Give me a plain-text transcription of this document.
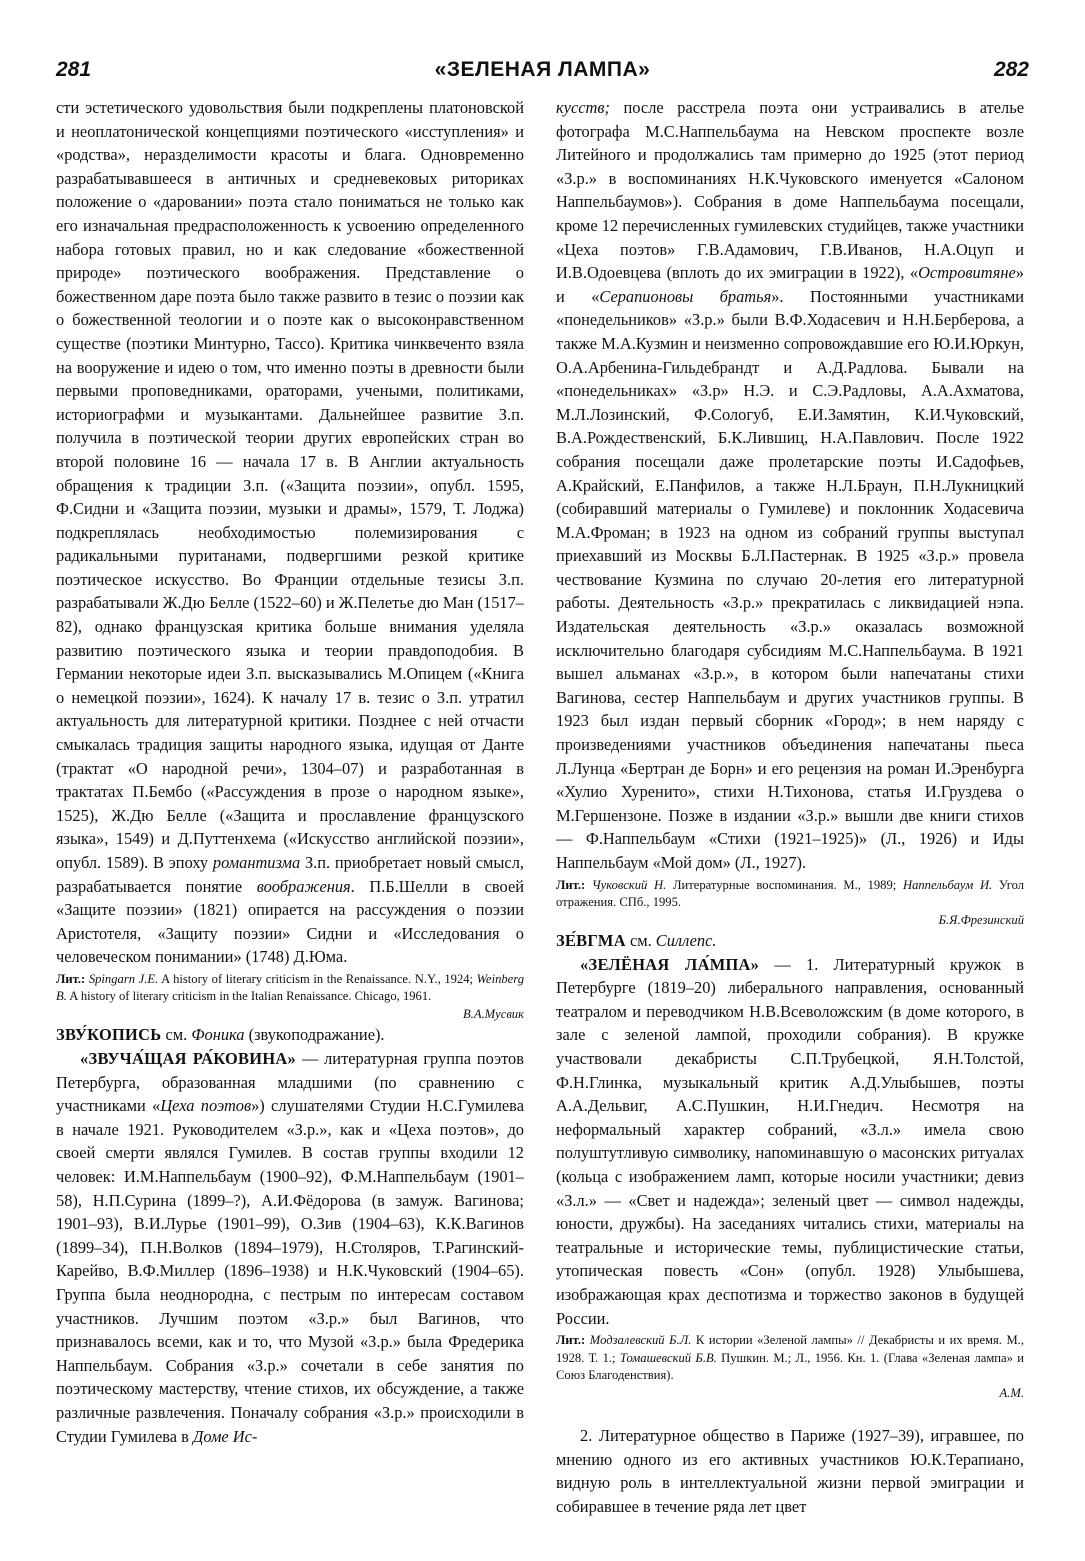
281	«ЗЕЛЕНАЯ ЛАМПА»	282

сти эстетического удовольствия были подкреплены платоновской и неоплатонической концепциями поэтического «исступления» и «родства», неразделимости красоты и блага. Одновременно разрабатывавшееся в античных и средневековых риториках положение о «даровании» поэта стало пониматься не только как его изначальная предрасположенность к усвоению определенного набора готовых правил, но и как следование «божественной природе» поэтического воображения. Представление о божественном даре поэта было также развито в тезис о поэзии как о божественной теологии и о поэте как о высоконравственном существе (поэтики Минтурно, Тассо). Критика чинквеченто взяла на вооружение и идею о том, что именно поэты в древности были первыми проповедниками, ораторами, учеными, политиками, историографми и музыкантами. Дальнейшее развитие З.п. получила в поэтической теории других европейских стран во второй половине 16 — начала 17 в. В Англии актуальность обращения к традиции З.п. («Защита поэзии», опубл. 1595, Ф.Сидни и «Защита поэзии, музыки и драмы», 1579, Т. Лоджа) подкреплялась необходимостью полемизирования с радикальными пуританами, подвергшими резкой критике поэтическое искусство. Во Франции отдельные тезисы З.п. разрабатывали Ж.Дю Белле (1522–60) и Ж.Пелетье дю Ман (1517–82), однако французская критика больше внимания уделяла развитию поэтического языка и теории правдоподобия. В Германии некоторые идеи З.п. высказывались М.Опицем («Книга о немецкой поэзии», 1624). К началу 17 в. тезис о З.п. утратил актуальность для литературной критики. Позднее с ней отчасти смыкалась традиция защиты народного языка, идущая от Данте (трактат «О народной речи», 1304–07) и разработанная в трактатах П.Бембо («Рассуждения в прозе о народном языке», 1525), Ж.Дю Белле («Защита и прославление французского языка», 1549) и Д.Путтенхема («Искусство английской поэзии», опубл. 1589). В эпоху романтизма З.п. приобретает новый смысл, разрабатывается понятие воображения. П.Б.Шелли в своей «Защите поэзии» (1821) опирается на рассуждения о поэзии Аристотеля, «Защиту поэзии» Сидни и «Исследования о человеческом понимании» (1748) Д.Юма.

Лит.: Spingarn J.E. A history of literary criticism in the Renaissance. N.Y., 1924; Weinberg B. A history of literary criticism in the Italian Renaissance. Chicago, 1961.
В.А.Мусвик

ЗВУ́КОПИСЬ см. Фоника (звукоподражание).

«ЗВУЧА́ЩАЯ РА́КОВИНА» — литературная группа поэтов Петербурга, образованная младшими (по сравнению с участниками «Цеха поэтов») слушателями Студии Н.С.Гумилева в начале 1921. Руководителем «З.р.», как и «Цеха поэтов», до своей смерти являлся Гумилев. В состав группы входили 12 человек: И.М.Наппельбаум (1900–92), Ф.М.Наппельбаум (1901–58), Н.П.Сурина (1899–?), А.И.Фёдорова (в замуж. Вагинова; 1901–93), В.И.Лурье (1901–99), О.Зив (1904–63), К.К.Вагинов (1899–34), П.Н.Волков (1894–1979), Н.Столяров, Т.Рагинский-Карейво, В.Ф.Миллер (1896–1938) и Н.К.Чуковский (1904–65). Группа была неоднородна, с пестрым по интересам составом участников. Лучшим поэтом «З.р.» был Вагинов, что признавалось всеми, как и то, что Музой «З.р.» была Фредерика Наппельбаум. Собрания «З.р.» сочетали в себе занятия по поэтическому мастерству, чтение стихов, их обсуждение, а также различные развлечения. Поначалу собрания «З.р.» происходили в Студии Гумилева в Доме Ис-

кусств; после расстрела поэта они устраивались в ателье фотографа М.С.Наппельбаума на Невском проспекте возле Литейного и продолжались там примерно до 1925 (этот период «З.р.» в воспоминаниях Н.К.Чуковского именуется «Салоном Наппельбаумов»). Собрания в доме Наппельбаума посещали, кроме 12 перечисленных гумилевских студийцев, также участники «Цеха поэтов» Г.В.Адамович, Г.В.Иванов, Н.А.Оцуп и И.В.Одоевцева (вплоть до их эмиграции в 1922), «Островитяне» и «Серапионовы братья». Постоянными участниками «понедельников» «З.р.» были В.Ф.Ходасевич и Н.Н.Берберова, а также М.А.Кузмин и неизменно сопровождавшие его Ю.И.Юркун, О.А.Арбенина-Гильдебрандт и А.Д.Радлова. Бывали на «понедельниках» «З.р» Н.Э. и С.Э.Радловы, А.А.Ахматова, М.Л.Лозинский, Ф.Сологуб, Е.И.Замятин, К.И.Чуковский, В.А.Рождественский, Б.К.Лившиц, Н.А.Павлович. После 1922 собрания посещали даже пролетарские поэты И.Садофьев, А.Крайский, Е.Панфилов, а также Н.Л.Браун, П.Н.Лукницкий (собиравший материалы о Гумилеве) и поклонник Ходасевича М.А.Фроман; в 1923 на одном из собраний группы выступал приехавший из Москвы Б.Л.Пастернак. В 1925 «З.р.» провела чествование Кузмина по случаю 20-летия его литературной работы. Деятельность «З.р.» прекратилась с ликвидацией нэпа. Издательская деятельность «З.р.» оказалась возможной исключительно благодаря субсидиям М.С.Наппельбаума. В 1921 вышел альманах «З.р.», в котором были напечатаны стихи Вагинова, сестер Наппельбаум и других участников группы. В 1923 был издан первый сборник «Город»; в нем наряду с произведениями участников объединения напечатаны пьеса Л.Лунца «Бертран де Борн» и его рецензия на роман И.Эренбурга «Хулио Хуренито», стихи Н.Тихонова, статья И.Груздева о М.Гершензоне. Позже в издании «З.р.» вышли две книги стихов — Ф.Наппельбаум «Стихи (1921–1925)» (Л., 1926) и Иды Наппельбаум «Мой дом» (Л., 1927).

Лит.: Чуковский Н. Литературные воспоминания. М., 1989; Наппельбаум И. Угол отражения. СПб., 1995.
Б.Я.Фрезинский

ЗЕ́ВГМА см. Силлепс.

«ЗЕЛЁНАЯ ЛА́МПА» — 1. Литературный кружок в Петербурге (1819–20) либерального направления, основанный театралом и переводчиком Н.В.Всеволожским (в доме которого, в зале с зеленой лампой, проходили собрания). В кружке участвовали декабристы С.П.Трубецкой, Я.Н.Толстой, Ф.Н.Глинка, музыкальный критик А.Д.Улыбышев, поэты А.А.Дельвиг, А.С.Пушкин, Н.И.Гнедич. Несмотря на неформальный характер собраний, «З.л.» имела свою полуштутливую символику, напоминавшую о масонских ритуалах (кольца с изображением ламп, которые носили участники; девиз «З.л.» — «Свет и надежда»; зеленый цвет — символ надежды, юности, дружбы). На заседаниях читались стихи, материалы на театральные и исторические темы, публицистические статьи, утопическая повесть «Сон» (опубл. 1928) Улыбышева, изображающая крах деспотизма и торжество законов в будущей России.

Лит.: Модзалевский Б.Л. К истории «Зеленой лампы» // Декабристы и их время. М., 1928. Т. 1.; Томашевский Б.В. Пушкин. М.; Л., 1956. Кн. 1. (Глава «Зеленая лампа» и Союз Благоденствия).
А.М.

2. Литературное общество в Париже (1927–39), игравшее, по мнению одного из его активных участников Ю.К.Терапиано, видную роль в интеллектуальной жизни первой эмиграции и собиравшее в течение ряда лет цвет
